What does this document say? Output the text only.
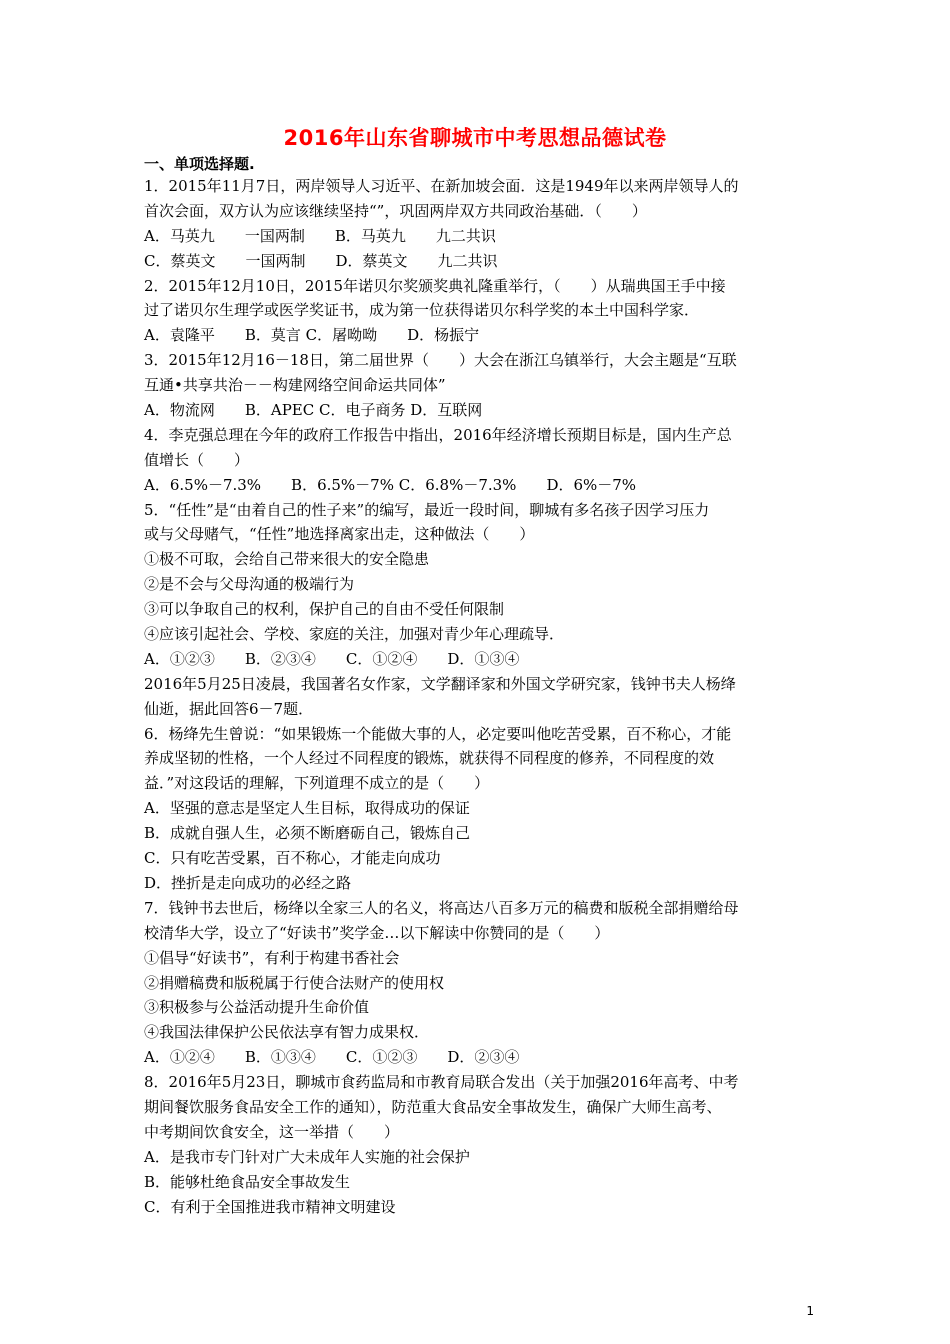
2016年山东省聊城市中考思想品德试卷
一、单项选择题.
1．2015年11月7日，两岸领导人习近平、在新加坡会面．这是1949年以来两岸领导人的
首次会面，双方认为应该继续坚持“”，巩固两岸双方共同政治基础．（　　）
A．马英九　　一国两制　　B．马英九　　九二共识
C．蔡英文　　一国两制　　D．蔡英文　　九二共识
2．2015年12月10日，2015年诺贝尔奖颁奖典礼隆重举行，（　　）从瑞典国王手中接
过了诺贝尔生理学或医学奖证书，成为第一位获得诺贝尔科学奖的本土中国科学家．
A．袁隆平　　B．莫言 C．屠呦呦　　D．杨振宁
3．2015年12月16－18日，第二届世界（　　）大会在浙江乌镇举行，大会主题是“互联
互通•共享共治－－构建网络空间命运共同体”
A．物流网　　B．APEC C．电子商务 D．互联网
4．李克强总理在今年的政府工作报告中指出，2016年经济增长预期目标是，国内生产总
值增长（　　）
A．6.5%－7.3%　　B．6.5%－7% C．6.8%－7.3%　　D．6%－7%
5．“任性”是“由着自己的性子来”的编写，最近一段时间，聊城有多名孩子因学习压力
或与父母赌气，“任性”地选择离家出走，这种做法（　　）
①极不可取，会给自己带来很大的安全隐患
②是不会与父母沟通的极端行为
③可以争取自己的权利，保护自己的自由不受任何限制
④应该引起社会、学校、家庭的关注，加强对青少年心理疏导．
A．①②③　　B．②③④　　C．①②④　　D．①③④
2016年5月25日凌晨，我国著名女作家，文学翻译家和外国文学研究家，钱钟书夫人杨绛
仙逝，据此回答6－7题．
6．杨绛先生曾说：“如果锻炼一个能做大事的人，必定要叫他吃苦受累，百不称心，才能
养成坚韧的性格，一个人经过不同程度的锻炼，就获得不同程度的修养，不同程度的效
益．”对这段话的理解，下列道理不成立的是（　　）
A．坚强的意志是坚定人生目标，取得成功的保证
B．成就自强人生，必须不断磨砺自己，锻炼自己
C．只有吃苦受累，百不称心，才能走向成功
D．挫折是走向成功的必经之路
7．钱钟书去世后，杨绛以全家三人的名义，将高达八百多万元的稿费和版税全部捐赠给母
校清华大学，设立了“好读书”奖学金…以下解读中你赞同的是（　　）
①倡导“好读书”，有利于构建书香社会
②捐赠稿费和版税属于行使合法财产的使用权
③积极参与公益活动提升生命价值
④我国法律保护公民依法享有智力成果权．
A．①②④　　B．①③④　　C．①②③　　D．②③④
8．2016年5月23日，聊城市食药监局和市教育局联合发出（关于加强2016年高考、中考
期间餐饮服务食品安全工作的通知），防范重大食品安全事故发生，确保广大师生高考、
中考期间饮食安全，这一举措（　　）
A．是我市专门针对广大未成年人实施的社会保护
B．能够杜绝食品安全事故发生
C．有利于全国推进我市精神文明建设
1
